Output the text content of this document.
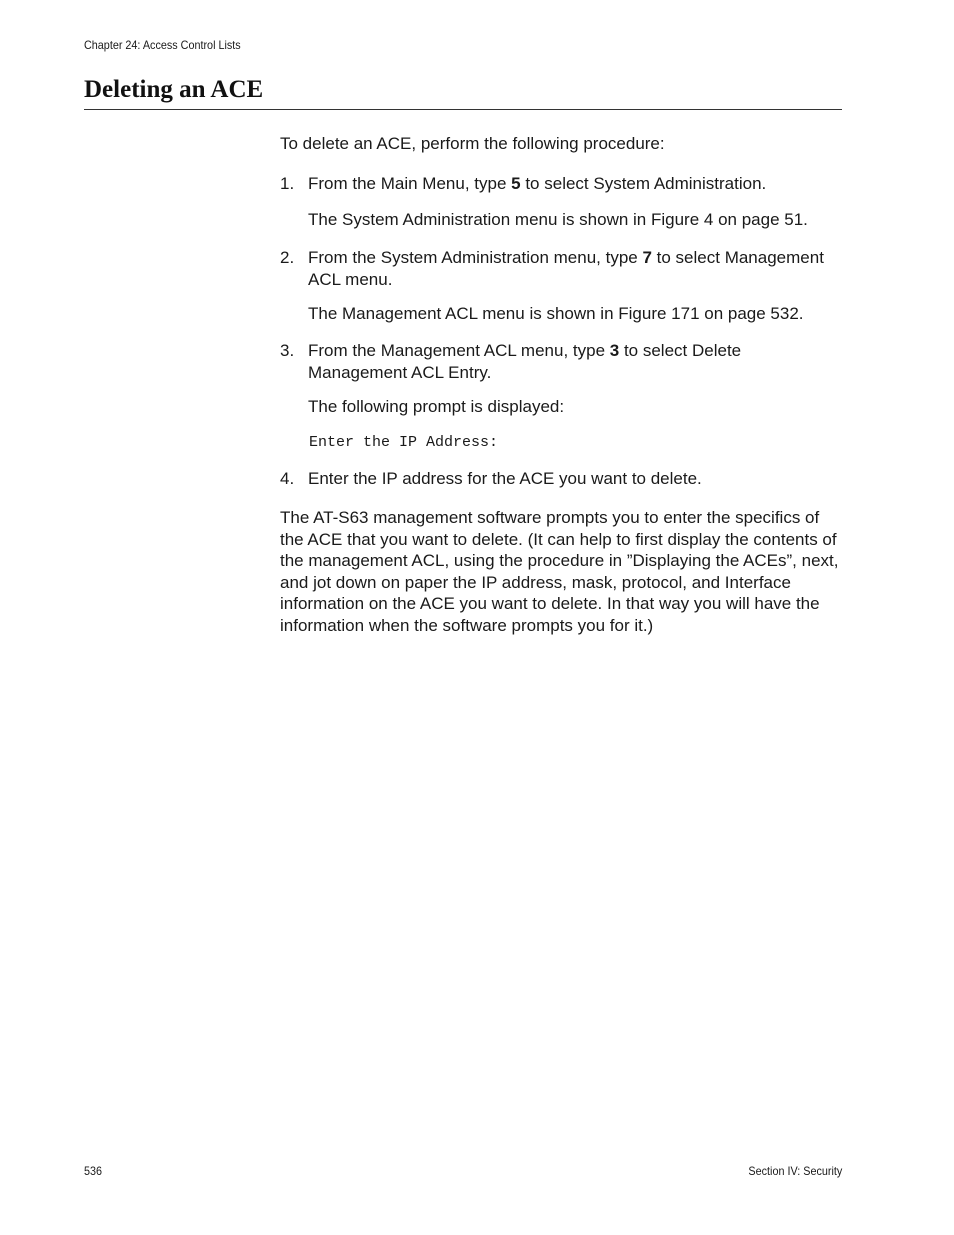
Chapter 24: Access Control Lists
Deleting an ACE
To delete an ACE, perform the following procedure:
1. From the Main Menu, type 5 to select System Administration.
The System Administration menu is shown in Figure 4 on page 51.
2. From the System Administration menu, type 7 to select Management ACL menu.
The Management ACL menu is shown in Figure 171 on page 532.
3. From the Management ACL menu, type 3 to select Delete Management ACL Entry.
The following prompt is displayed:
Enter the IP Address:
4. Enter the IP address for the ACE you want to delete.
The AT-S63 management software prompts you to enter the specifics of the ACE that you want to delete. (It can help to first display the contents of the management ACL, using the procedure in ”Displaying the ACEs”, next, and jot down on paper the IP address, mask, protocol, and Interface information on the ACE you want to delete. In that way you will have the information when the software prompts you for it.)
536	Section IV: Security
